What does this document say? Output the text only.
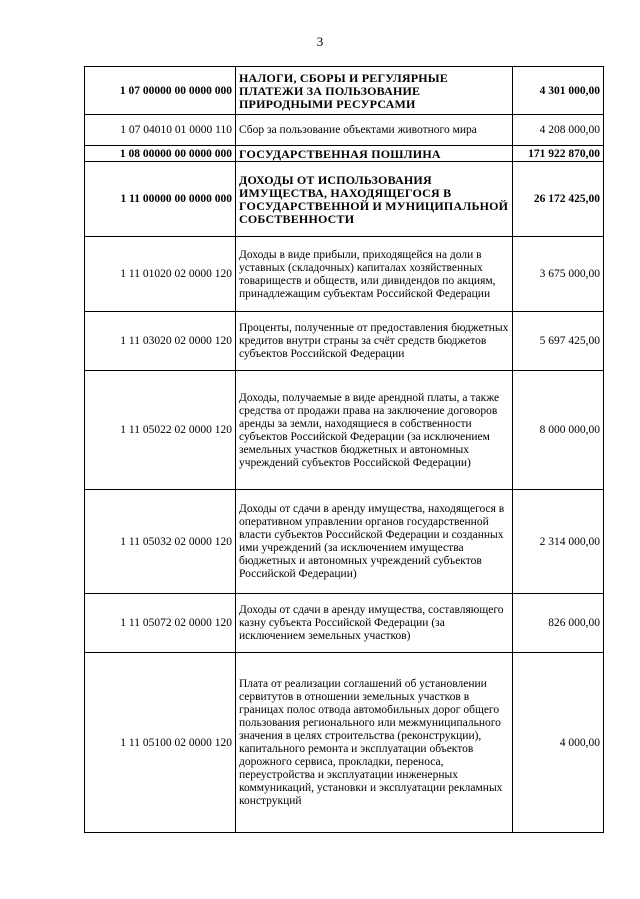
3
1 07 00000 00 0000 000	НАЛОГИ, СБОРЫ И РЕГУЛЯРНЫЕ ПЛАТЕЖИ ЗА ПОЛЬЗОВАНИЕ ПРИРОДНЫМИ РЕСУРСАМИ	4 301 000,00
1 07 04010 01 0000 110	Сбор за пользование объектами животного мира	4 208 000,00
1 08 00000 00 0000 000	ГОСУДАРСТВЕННАЯ ПОШЛИНА	171 922 870,00
1 11 00000 00 0000 000	ДОХОДЫ ОТ ИСПОЛЬЗОВАНИЯ ИМУЩЕСТВА, НАХОДЯЩЕГОСЯ В ГОСУДАРСТВЕННОЙ И МУНИЦИПАЛЬНОЙ СОБСТВЕННОСТИ	26 172 425,00
1 11 01020 02 0000 120	Доходы в виде прибыли, приходящейся на доли в уставных (складочных) капиталах хозяйственных товариществ и обществ, или дивидендов по акциям, принадлежащим субъектам Российской Федерации	3 675 000,00
1 11 03020 02 0000 120	Проценты, полученные от предоставления бюджетных кредитов внутри страны за счёт средств бюджетов субъектов Российской Федерации	5 697 425,00
1 11 05022 02 0000 120	Доходы, получаемые в виде арендной платы, а также средства от продажи права на заключение договоров аренды за земли, находящиеся в собственности субъектов Российской Федерации (за исключением земельных участков бюджетных и автономных учреждений субъектов Российской Федерации)	8 000 000,00
1 11 05032 02 0000 120	Доходы от сдачи в аренду имущества, находящегося в оперативном управлении органов государственной власти субъектов Российской Федерации и созданных ими учреждений (за исключением имущества бюджетных и автономных учреждений субъектов Российской Федерации)	2 314 000,00
1 11 05072 02 0000 120	Доходы от сдачи в аренду имущества, составляющего казну субъекта Российской Федерации (за исключением земельных участков)	826 000,00
1 11 05100 02 0000 120	Плата от реализации соглашений об установлении сервитутов в отношении земельных участков в границах полос отвода автомобильных дорог общего пользования регионального или межмуниципального значения в целях строительства (реконструкции), капитального ремонта и эксплуатации объектов дорожного сервиса, прокладки, переноса, переустройства и эксплуатации инженерных коммуникаций, установки и эксплуатации рекламных конструкций	4 000,00
